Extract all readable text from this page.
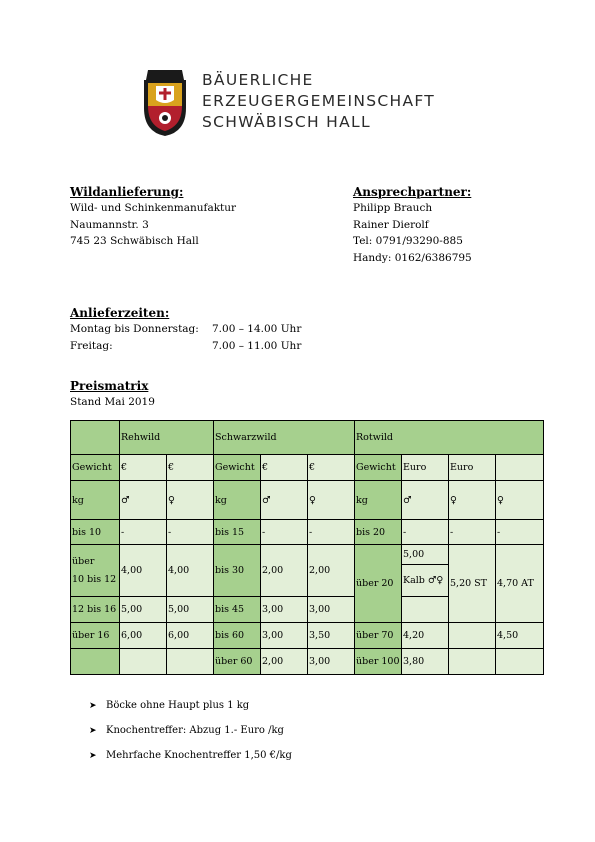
BÄUERLICHE
ERZEUGERGEMEINSCHAFT
SCHWÄBISCH HALL
Wildanlieferung:
Wild- und Schinkenmanufaktur
Naumannstr. 3
745 23 Schwäbisch Hall
Ansprechpartner:
Philipp Brauch
Rainer Dierolf
Tel: 0791/93290-885
Handy: 0162/6386795
Anlieferzeiten:
Montag bis Donnerstag: 7.00 – 14.00 Uhr
Freitag:	7.00 – 11.00 Uhr
Preismatrix
Stand Mai 2019
	Rehwild		Schwarzwild			Rotwild			
Gewicht	€	€	Gewicht	€	€	Gewicht	Euro	Euro	
kg	♂	♀	kg	♂	♀	kg	♂	♀	♀
bis 10	-	-	bis 15	-	-	bis 20	-	-	-

über
10 bis 12	4,00	4,00	bis 30	2,00	2,00	über 20	5,00	5,20 ST	4,70 AT
							Kalb ♂♀		
12 bis 16	5,00	5,00	bis 45	3,00	3,00				
über 16	6,00	6,00	bis 60	3,00	3,50	über 70	4,20		4,50
			über 60	2,00	3,00	über 100	3,80		
➤ Böcke ohne Haupt plus 1 kg
➤ Knochentreffer: Abzug 1.- Euro /kg
➤ Mehrfache Knochentreffer 1,50 €/kg
